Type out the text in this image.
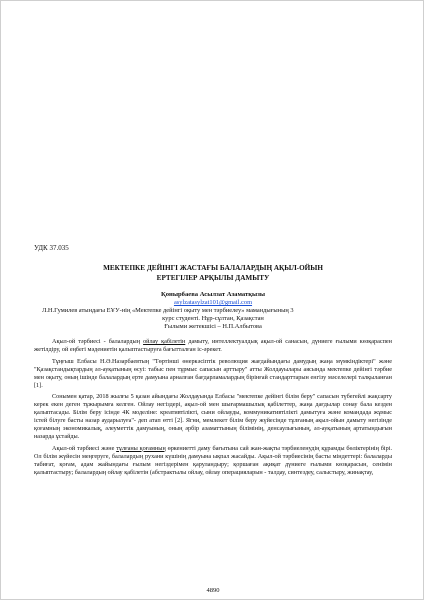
УДК 37.035
МЕКТЕПКЕ ДЕЙІНГІ ЖАСТАҒЫ БАЛАЛАРДЫҢ АҚЫЛ-ОЙЫН
ЕРТЕГІЛЕР АРҚЫЛЫ ДАМЫТУ
Қонырбаева Асылзат Азаматқызы
asylzatasylzat101@gmail.com
Л.Н.Гумилев атындағы ЕҰУ-нің «Мектепке дейінгі оқыту мен тәрбиелеу» мамандығының 3
курс студенті. Нұр-сұлтан, Қазақстан
Ғылыми жетекшісі – Н.П.Албытова

Ақыл-ой тәрбиесі - балалардың ойлау қабілетін дамыту, интеллектуалдық ақыл-ой санасын, дүниеге ғылыми көзқараспен жетілдіру, ой еңбегі мәдениетін қалыптастыруға бағытталған іс-әрекет.

Тұңғыш Елбасы Н.Ә.Назарбаевтың "Төртінші өнеркәсіптік революция жағдайындағы дамудың жаңа мүмкіндіктері" және "Қазақстандықтардың әл-ауқатының өсуі: табыс пен тұрмыс сапасын арттыру" атты Жолдауылары аясында мектепке дейінгі тәрбие мен оқыту, оның ішінде балалардың ерте дамуына арналған бағдарламалардың бірінғай стандарттарын енгізу мәселелері талқыланған [1].

Сонымен қатар, 2018 жылғы 5 қазан айындағы Жолдауында Елбасы "мектепке дейінгі білім беру" сапасын түбегейлі жақсарту керек екен деген тұжырымға келген. Ойлау негіздері, ақыл-ой мен шығармашылық қабілеттер, жаңа дағдылар сонау бала кезден қалыптасады. Білім беру ісінде 4К моделіне: креативтілікті, сыни ойлауды, коммуникативтілікті дамытуға және командада жұмыс істей білуге басты назар аударылуға"- деп атап өтті [2]. Ягни, мемлекет білім беру жүйесінде тұлғаның ақыл-ойын дамыту негізінде қоғамның экономикалық, әлеуметтік дамуының, оның әрбір азаматтының білімінің, денсаулығының, әл-ауқатының артатындығын назарда ұстайды.

Ақыл-ой тәрбиесі және тұлғаны қоғамның өркениетті даму бағытына сай жан-жақты тәрбиеленудің құрамды бөліктерінің бірі. Ол білім жүйесін меңгеруге, балалардың рухани күшінің дамуына ықпал жасайды. Ақыл-ой тәрбиесінің басты міндеттері: балаларды табиғат, қоғам, адам жайындағы ғылым негіздерімен қаруландыру; қоршаған ақиқат дүниеге ғылыми көзқарасын, сенімін қалыптастыру; балалардың ойлау қабілетін (абстрактылы ойлау, ойлау операцияларын - талдау, синтездеу, салыстыру, жинақтау,

4890
